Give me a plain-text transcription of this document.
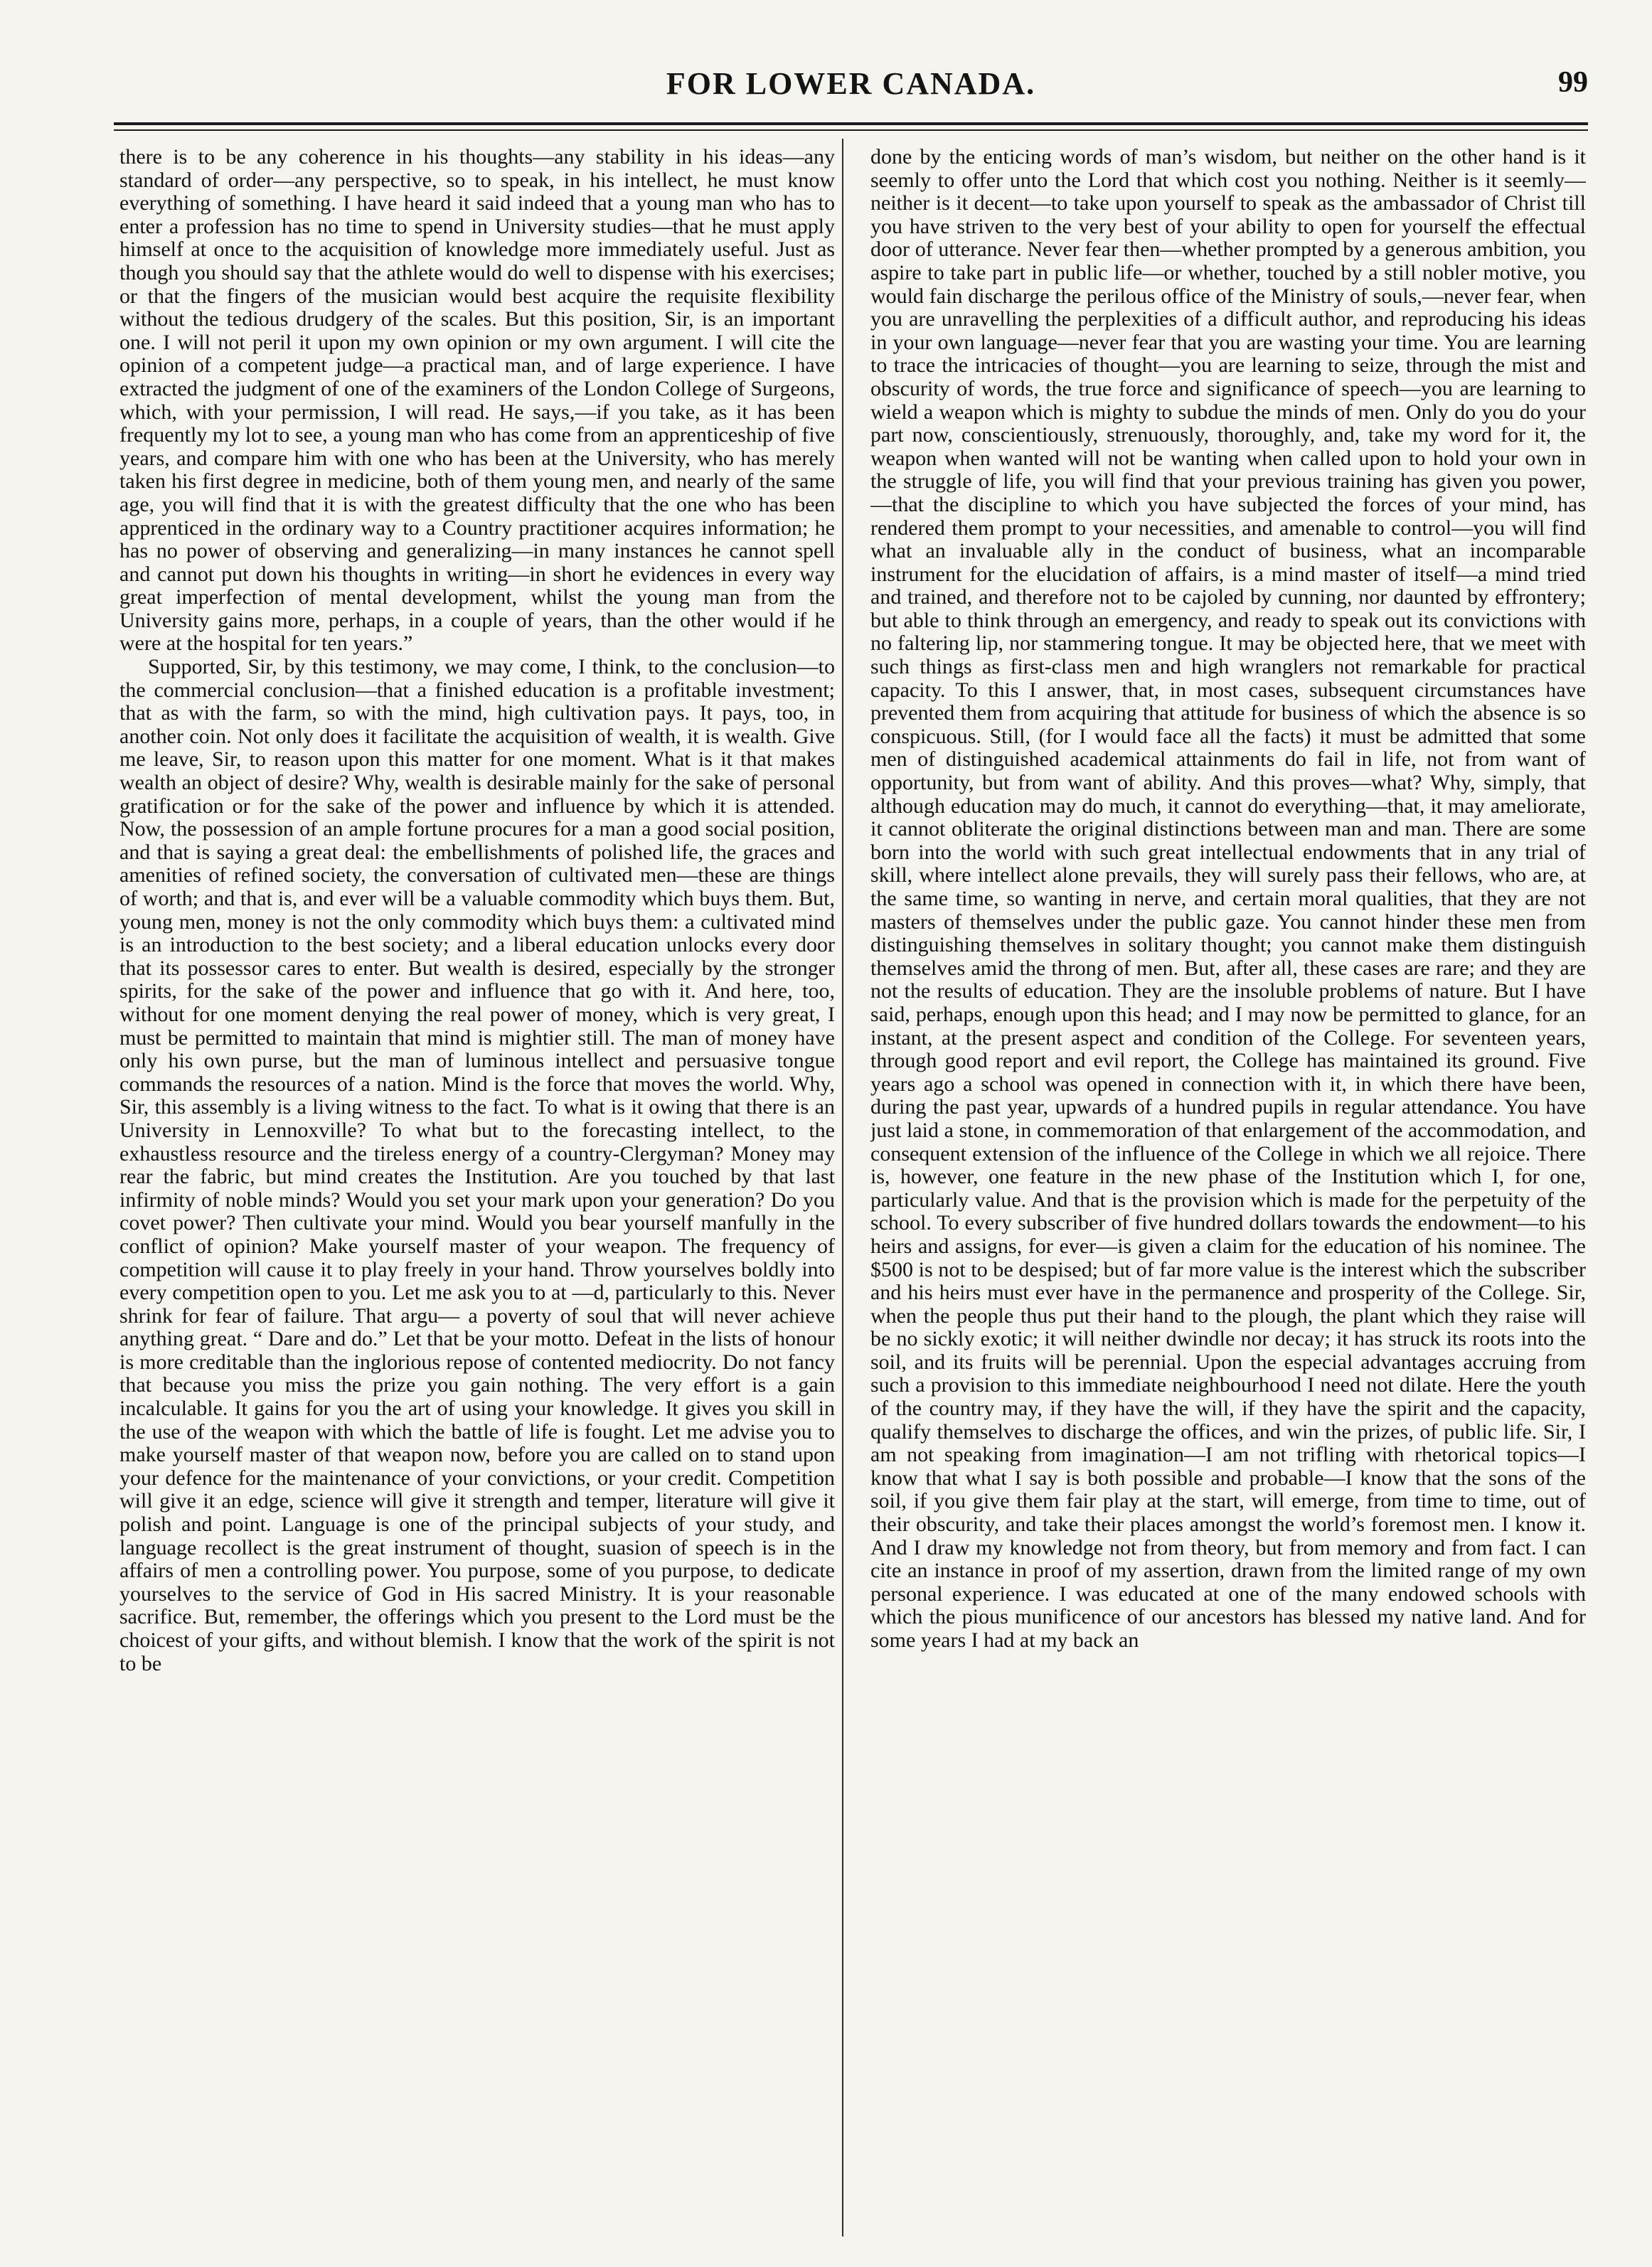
FOR LOWER CANADA.	99

there is to be any coherence in his thoughts—any stability in his ideas—any standard of order—any perspective, so to speak, in his intellect, he must know everything of something. I have heard it said indeed that a young man who has to enter a profession has no time to spend in University studies—that he must apply himself at once to the acquisition of knowledge more immediately useful. Just as though you should say that the athlete would do well to dispense with his exercises; or that the fingers of the musician would best acquire the requisite flexibility without the tedious drudgery of the scales. But this position, Sir, is an important one. I will not peril it upon my own opinion or my own argument. I will cite the opinion of a competent judge—a practical man, and of large experience. I have extracted the judgment of one of the examiners of the London College of Surgeons, which, with your permission, I will read. He says,—if you take, as it has been frequently my lot to see, a young man who has come from an apprenticeship of five years, and compare him with one who has been at the University, who has merely taken his first degree in medicine, both of them young men, and nearly of the same age, you will find that it is with the greatest difficulty that the one who has been apprenticed in the ordinary way to a Country practitioner acquires information; he has no power of observing and generalizing—in many instances he cannot spell and cannot put down his thoughts in writing—in short he evidences in every way great imperfection of mental development, whilst the young man from the University gains more, perhaps, in a couple of years, than the other would if he were at the hospital for ten years.”

Supported, Sir, by this testimony, we may come, I think, to the conclusion—to the commercial conclusion—that a finished education is a profitable investment; that as with the farm, so with the mind, high cultivation pays. It pays, too, in another coin. Not only does it facilitate the acquisition of wealth, it is wealth. Give me leave, Sir, to reason upon this matter for one moment. What is it that makes wealth an object of desire? Why, wealth is desirable mainly for the sake of personal gratification or for the sake of the power and influence by which it is attended. Now, the possession of an ample fortune procures for a man a good social position, and that is saying a great deal: the embellishments of polished life, the graces and amenities of refined society, the conversation of cultivated men—these are things of worth; and that is, and ever will be a valuable commodity which buys them. But, young men, money is not the only commodity which buys them: a cultivated mind is an introduction to the best society; and a liberal education unlocks every door that its possessor cares to enter. But wealth is desired, especially by the stronger spirits, for the sake of the power and influence that go with it. And here, too, without for one moment denying the real power of money, which is very great, I must be permitted to maintain that mind is mightier still. The man of money have only his own purse, but the man of luminous intellect and persuasive tongue commands the resources of a nation. Mind is the force that moves the world. Why, Sir, this assembly is a living witness to the fact. To what is it owing that there is an University in Lennoxville? To what but to the forecasting intellect, to the exhaustless resource and the tireless energy of a country-Clergyman? Money may rear the fabric, but mind creates the Institution. Are you touched by that last infirmity of noble minds? Would you set your mark upon your generation? Do you covet power? Then cultivate your mind. Would you bear yourself manfully in the conflict of opinion? Make yourself master of your weapon. The frequency of competition will cause it to play freely in your hand. Throw yourselves boldly into every competition open to you. Let me ask you to at —d, particularly to this. Never shrink for fear of failure. That argu— a poverty of soul that will never achieve anything great. “ Dare and do.” Let that be your motto. Defeat in the lists of honour is more creditable than the inglorious repose of contented mediocrity. Do not fancy that because you miss the prize you gain nothing. The very effort is a gain incalculable. It gains for you the art of using your knowledge. It gives you skill in the use of the weapon with which the battle of life is fought. Let me advise you to make yourself master of that weapon now, before you are called on to stand upon your defence for the maintenance of your convictions, or your credit. Competition will give it an edge, science will give it strength and temper, literature will give it polish and point. Language is one of the principal subjects of your study, and language recollect is the great instrument of thought, suasion of speech is in the affairs of men a controlling power. You purpose, some of you purpose, to dedicate yourselves to the service of God in His sacred Ministry. It is your reasonable sacrifice. But, remember, the offerings which you present to the Lord must be the choicest of your gifts, and without blemish. I know that the work of the spirit is not to be

done by the enticing words of man’s wisdom, but neither on the other hand is it seemly to offer unto the Lord that which cost you nothing. Neither is it seemly—neither is it decent—to take upon yourself to speak as the ambassador of Christ till you have striven to the very best of your ability to open for yourself the effectual door of utterance. Never fear then—whether prompted by a generous ambition, you aspire to take part in public life—or whether, touched by a still nobler motive, you would fain discharge the perilous office of the Ministry of souls,—never fear, when you are unravelling the perplexities of a difficult author, and reproducing his ideas in your own language—never fear that you are wasting your time. You are learning to trace the intricacies of thought—you are learning to seize, through the mist and obscurity of words, the true force and significance of speech—you are learning to wield a weapon which is mighty to subdue the minds of men. Only do you do your part now, conscientiously, strenuously, thoroughly, and, take my word for it, the weapon when wanted will not be wanting when called upon to hold your own in the struggle of life, you will find that your previous training has given you power,—that the discipline to which you have subjected the forces of your mind, has rendered them prompt to your necessities, and amenable to control—you will find what an invaluable ally in the conduct of business, what an incomparable instrument for the elucidation of affairs, is a mind master of itself—a mind tried and trained, and therefore not to be cajoled by cunning, nor daunted by effrontery; but able to think through an emergency, and ready to speak out its convictions with no faltering lip, nor stammering tongue. It may be objected here, that we meet with such things as first-class men and high wranglers not remarkable for practical capacity. To this I answer, that, in most cases, subsequent circumstances have prevented them from acquiring that attitude for business of which the absence is so conspicuous. Still, (for I would face all the facts) it must be admitted that some men of distinguished academical attainments do fail in life, not from want of opportunity, but from want of ability. And this proves—what? Why, simply, that although education may do much, it cannot do everything—that, it may ameliorate, it cannot obliterate the original distinctions between man and man. There are some born into the world with such great intellectual endowments that in any trial of skill, where intellect alone prevails, they will surely pass their fellows, who are, at the same time, so wanting in nerve, and certain moral qualities, that they are not masters of themselves under the public gaze. You cannot hinder these men from distinguishing themselves in solitary thought; you cannot make them distinguish themselves amid the throng of men. But, after all, these cases are rare; and they are not the results of education. They are the insoluble problems of nature. But I have said, perhaps, enough upon this head; and I may now be permitted to glance, for an instant, at the present aspect and condition of the College. For seventeen years, through good report and evil report, the College has maintained its ground. Five years ago a school was opened in connection with it, in which there have been, during the past year, upwards of a hundred pupils in regular attendance. You have just laid a stone, in commemoration of that enlargement of the accommodation, and consequent extension of the influence of the College in which we all rejoice. There is, however, one feature in the new phase of the Institution which I, for one, particularly value. And that is the provision which is made for the perpetuity of the school. To every subscriber of five hundred dollars towards the endowment—to his heirs and assigns, for ever—is given a claim for the education of his nominee. The $500 is not to be despised; but of far more value is the interest which the subscriber and his heirs must ever have in the permanence and prosperity of the College. Sir, when the people thus put their hand to the plough, the plant which they raise will be no sickly exotic; it will neither dwindle nor decay; it has struck its roots into the soil, and its fruits will be perennial. Upon the especial advantages accruing from such a provision to this immediate neighbourhood I need not dilate. Here the youth of the country may, if they have the will, if they have the spirit and the capacity, qualify themselves to discharge the offices, and win the prizes, of public life. Sir, I am not speaking from imagination—I am not trifling with rhetorical topics—I know that what I say is both possible and probable—I know that the sons of the soil, if you give them fair play at the start, will emerge, from time to time, out of their obscurity, and take their places amongst the world’s foremost men. I know it. And I draw my knowledge not from theory, but from memory and from fact. I can cite an instance in proof of my assertion, drawn from the limited range of my own personal experience. I was educated at one of the many endowed schools with which the pious munificence of our ancestors has blessed my native land. And for some years I had at my back an
